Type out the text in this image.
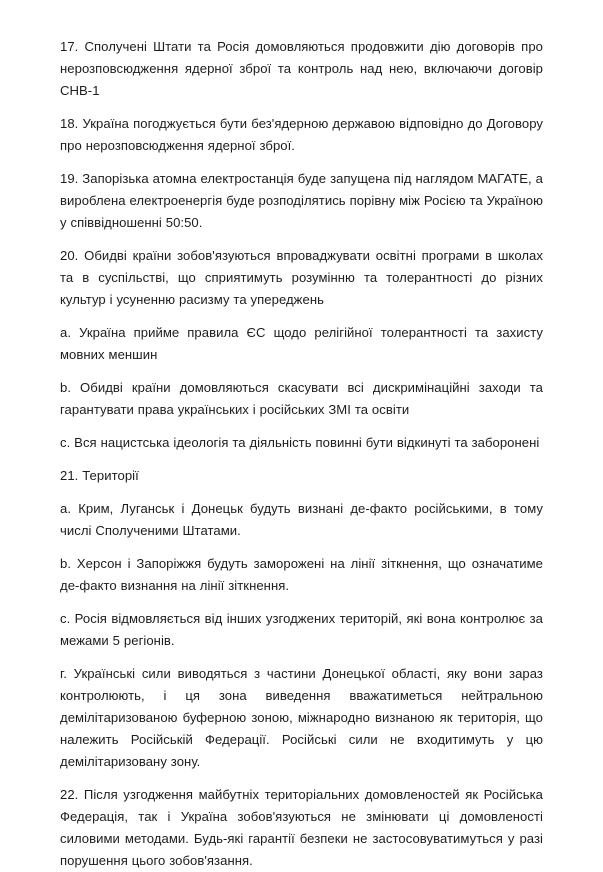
17. Сполучені Штати та Росія домовляються продовжити дію договорів про нерозповсюдження ядерної зброї та контроль над нею, включаючи договір СНВ-1

18. Україна погоджується бути без'ядерною державою відповідно до Договору про нерозповсюдження ядерної зброї.

19. Запорізька атомна електростанція буде запущена під наглядом МАГАТЕ, а вироблена електроенергія буде розподілятись порівну між Росією та Україною у співвідношенні 50:50.

20. Обидві країни зобов'язуються впроваджувати освітні програми в школах та в суспільстві, що сприятимуть розумінню та толерантності до різних культур і усуненню расизму та упереджень

a. Україна прийме правила ЄС щодо релігійної толерантності та захисту мовних меншин

b. Обидві країни домовляються скасувати всі дискримінаційні заходи та гарантувати права українських і російських ЗМІ та освіти

c. Вся нацистська ідеологія та діяльність повинні бути відкинуті та заборонені

21. Території

a. Крим, Луганськ і Донецьк будуть визнані де-факто російськими, в тому числі Сполученими Штатами.

b. Херсон і Запоріжжя будуть заморожені на лінії зіткнення, що означатиме де-факто визнання на лінії зіткнення.

c. Росія відмовляється від інших узгоджених територій, які вона контролює за межами 5 регіонів.

г. Українські сили виводяться з частини Донецької області, яку вони зараз контролюють, і ця зона виведення вважатиметься нейтральною демілітаризованою буферною зоною, міжнародно визнаною як територія, що належить Російській Федерації. Російські сили не входитимуть у цю демілітаризовану зону.

22. Після узгодження майбутніх територіальних домовленостей як Російська Федерація, так і Україна зобов'язуються не змінювати ці домовленості силовими методами. Будь-які гарантії безпеки не застосовуватимуться у разі порушення цього зобов'язання.
